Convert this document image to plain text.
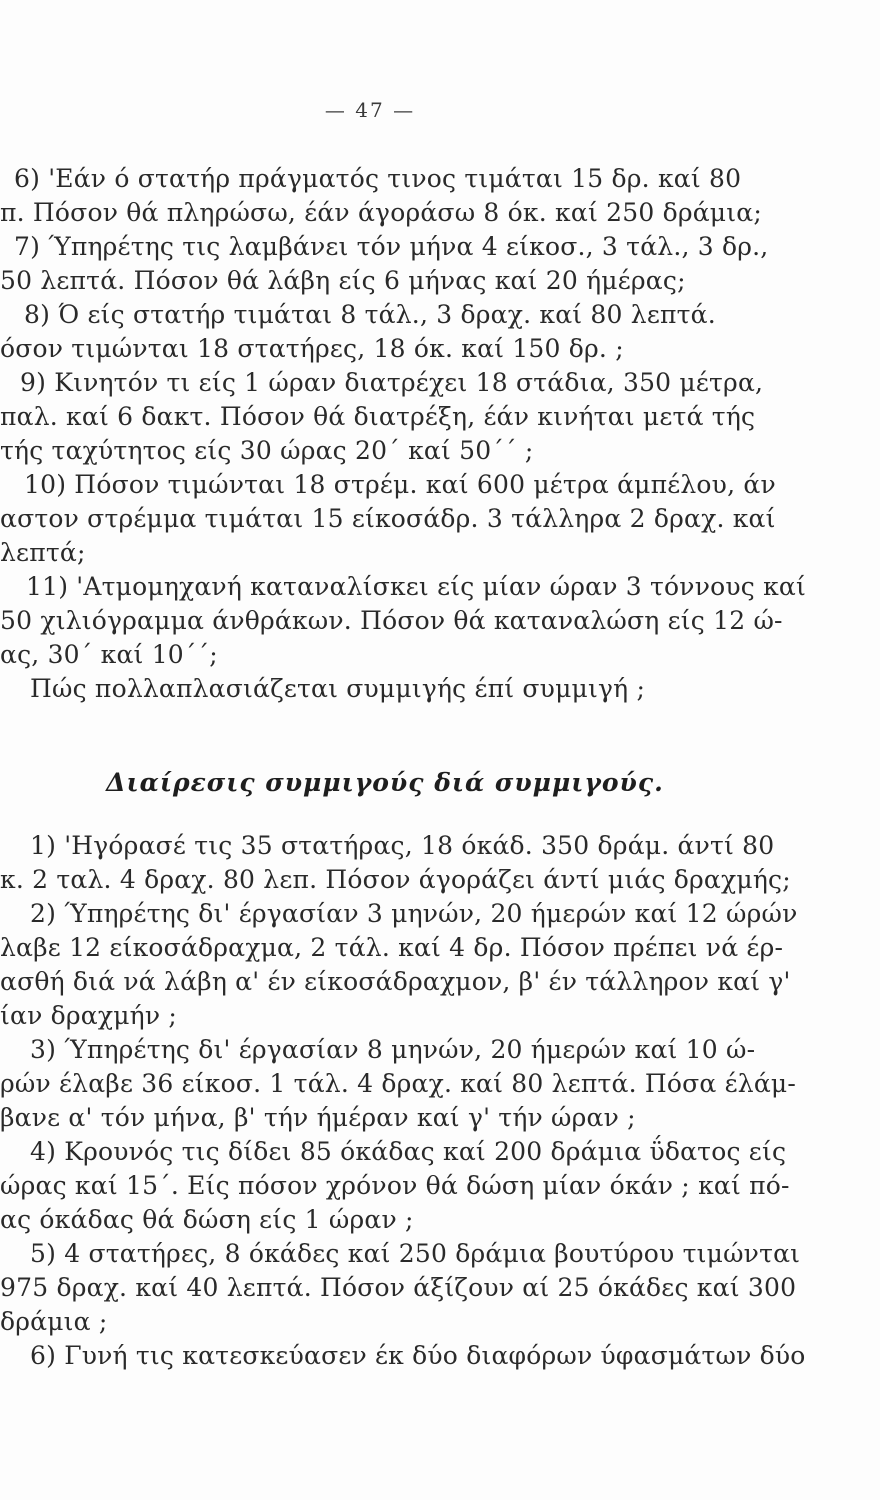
— 47 —
6) 'Εάν ό στατήρ πράγματός τινος τιμάται 15 δρ. καί 80
π. Πόσον θά πληρώσω, έάν άγοράσω 8 όκ. καί 250 δράμια;
7) Ύπηρέτης τις λαμβάνει τόν μήνα 4 είκοσ., 3 τάλ., 3 δρ.,
50 λεπτά. Πόσον θά λάβη είς 6 μήνας καί 20 ήμέρας;
8) Ό είς στατήρ τιμάται 8 τάλ., 3 δραχ. καί 80 λεπτά.
όσον τιμώνται 18 στατήρες, 18 όκ. καί 150 δρ. ;
9) Κινητόν τι είς 1 ώραν διατρέχει 18 στάδια, 350 μέτρα,
παλ. καί 6 δακτ. Πόσον θά διατρέξη, έάν κινήται μετά τής
τής ταχύτητος είς 30 ώρας 20΄ καί 50΄΄ ;
10) Πόσον τιμώνται 18 στρέμ. καί 600 μέτρα άμπέλου, άν
αστον στρέμμα τιμάται 15 είκοσάδρ. 3 τάλληρα 2 δραχ. καί
λεπτά;
11) 'Ατμομηχανή καταναλίσκει είς μίαν ώραν 3 τόννους καί
50 χιλιόγραμμα άνθράκων. Πόσον θά καταναλώση είς 12 ώ-
ας, 30΄ καί 10΄΄;
Πώς πολλαπλασιάζεται συμμιγής έπί συμμιγή ;
Διαίρεσις συμμιγούς διά συμμιγούς.
1) 'Ηγόρασέ τις 35 στατήρας, 18 όκάδ. 350 δράμ. άντί 80
κ. 2 ταλ. 4 δραχ. 80 λεπ. Πόσον άγοράζει άντί μιάς δραχμής;
2) Ύπηρέτης δι' έργασίαν 3 μηνών, 20 ήμερών καί 12 ώρών
λαβε 12 είκοσάδραχμα, 2 τάλ. καί 4 δρ. Πόσον πρέπει νά έρ-
ασθή διά νά λάβη α' έν είκοσάδραχμον, β' έν τάλληρον καί γ'
ίαν δραχμήν ;
3) Ύπηρέτης δι' έργασίαν 8 μηνών, 20 ήμερών καί 10 ώ-
ρών έλαβε 36 είκοσ. 1 τάλ. 4 δραχ. καί 80 λεπτά. Πόσα έλάμ-
βανε α' τόν μήνα, β' τήν ήμέραν καί γ' τήν ώραν ;
4) Κρουνός τις δίδει 85 όκάδας καί 200 δράμια ΰδατος είς
ώρας καί 15΄. Είς πόσον χρόνον θά δώση μίαν όκάν ; καί πό-
ας όκάδας θά δώση είς 1 ώραν ;
5) 4 στατήρες, 8 όκάδες καί 250 δράμια βουτύρου τιμώνται
975 δραχ. καί 40 λεπτά. Πόσον άξίζουν αί 25 όκάδες καί 300
δράμια ;
6) Γυνή τις κατεσκεύασεν έκ δύο διαφόρων ύφασμάτων δύο
